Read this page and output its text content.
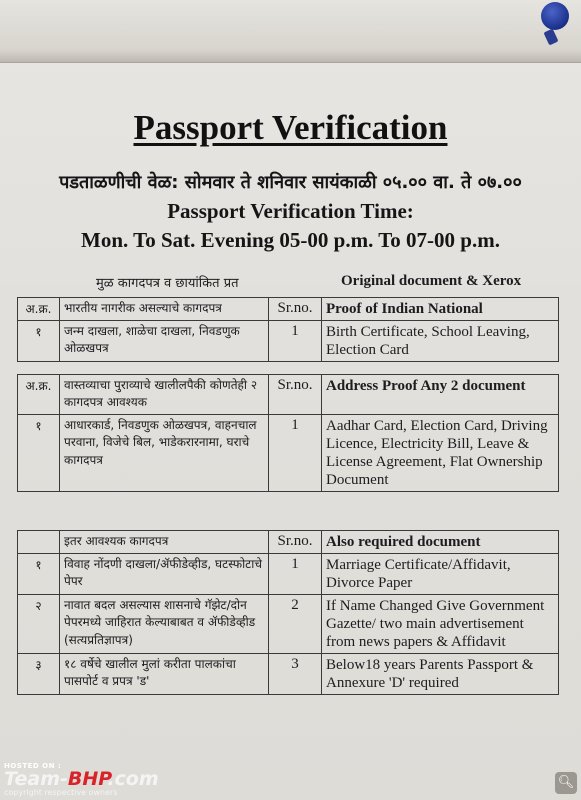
Passport Verification
पडताळणीची वेळ: सोमवार ते शनिवार सायंकाळी ०५.०० वा. ते ०७.००
Passport Verification Time:
Mon. To Sat. Evening 05-00 p.m. To 07-00 p.m.
मुळ कागदपत्र व छायांकित प्रत	Original document & Xerox
अ.क्र.	भारतीय नागरीक असल्याचे कागदपत्र	Sr.no.	Proof of Indian National
१	जन्म दाखला, शाळेचा दाखला, निवडणुक ओळखपत्र	1	Birth Certificate, School Leaving, Election Card
अ.क्र.	वास्तव्याचा पुराव्याचे खालीलपैकी कोणतेही २ कागदपत्र आवश्यक	Sr.no.	Address Proof Any 2 document
१	आधारकार्ड, निवडणुक ओळखपत्र, वाहनचाल परवाना, विजेचे बिल, भाडेकरारनामा, घराचे कागदपत्र	1	Aadhar Card, Election Card, Driving Licence, Electricity Bill, Leave & License Agreement, Flat Ownership Document
	इतर आवश्यक कागदपत्र	Sr.no.	Also required document
१	विवाह नोंदणी दाखला/ॲफीडेव्हीड, घटस्फोटाचे पेपर	1	Marriage Certificate/Affidavit, Divorce Paper
२	नावात बदल असल्यास शासनाचे गॅझेट/दोन पेपरमध्ये जाहिरात केल्याबाबत व ॲफीडेव्हीड (सत्यप्रतिज्ञापत्र)	2	If Name Changed Give Government Gazette/ two main advertisement from news papers & Affidavit
३	१८ वर्षेचे खालील मुलां करीता पालकांचा पासपोर्ट व प्रपत्र 'ड'	3	Below18 years Parents Passport & Annexure 'D' required
HOSTED ON :
Team-BHP.com
copyright respective owners
🔍︎
